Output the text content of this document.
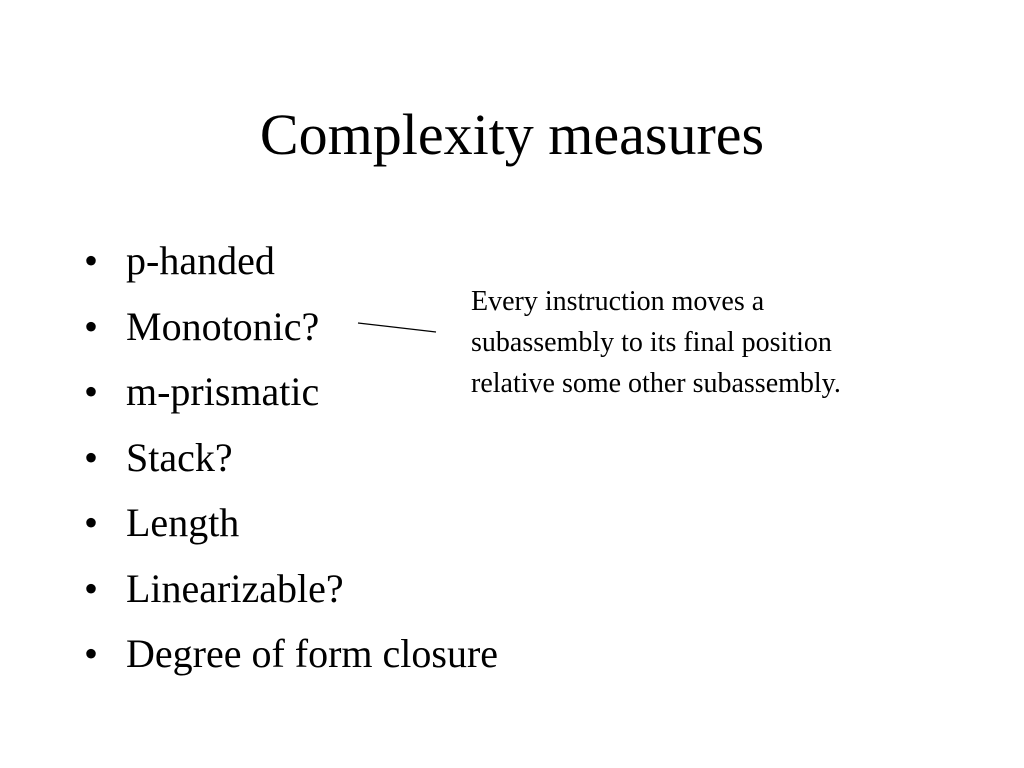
Complexity measures
• p-handed
• Monotonic?
• m-prismatic
• Stack?
• Length
• Linearizable?
• Degree of form closure
Every instruction moves a
subassembly to its final position
relative some other subassembly.
